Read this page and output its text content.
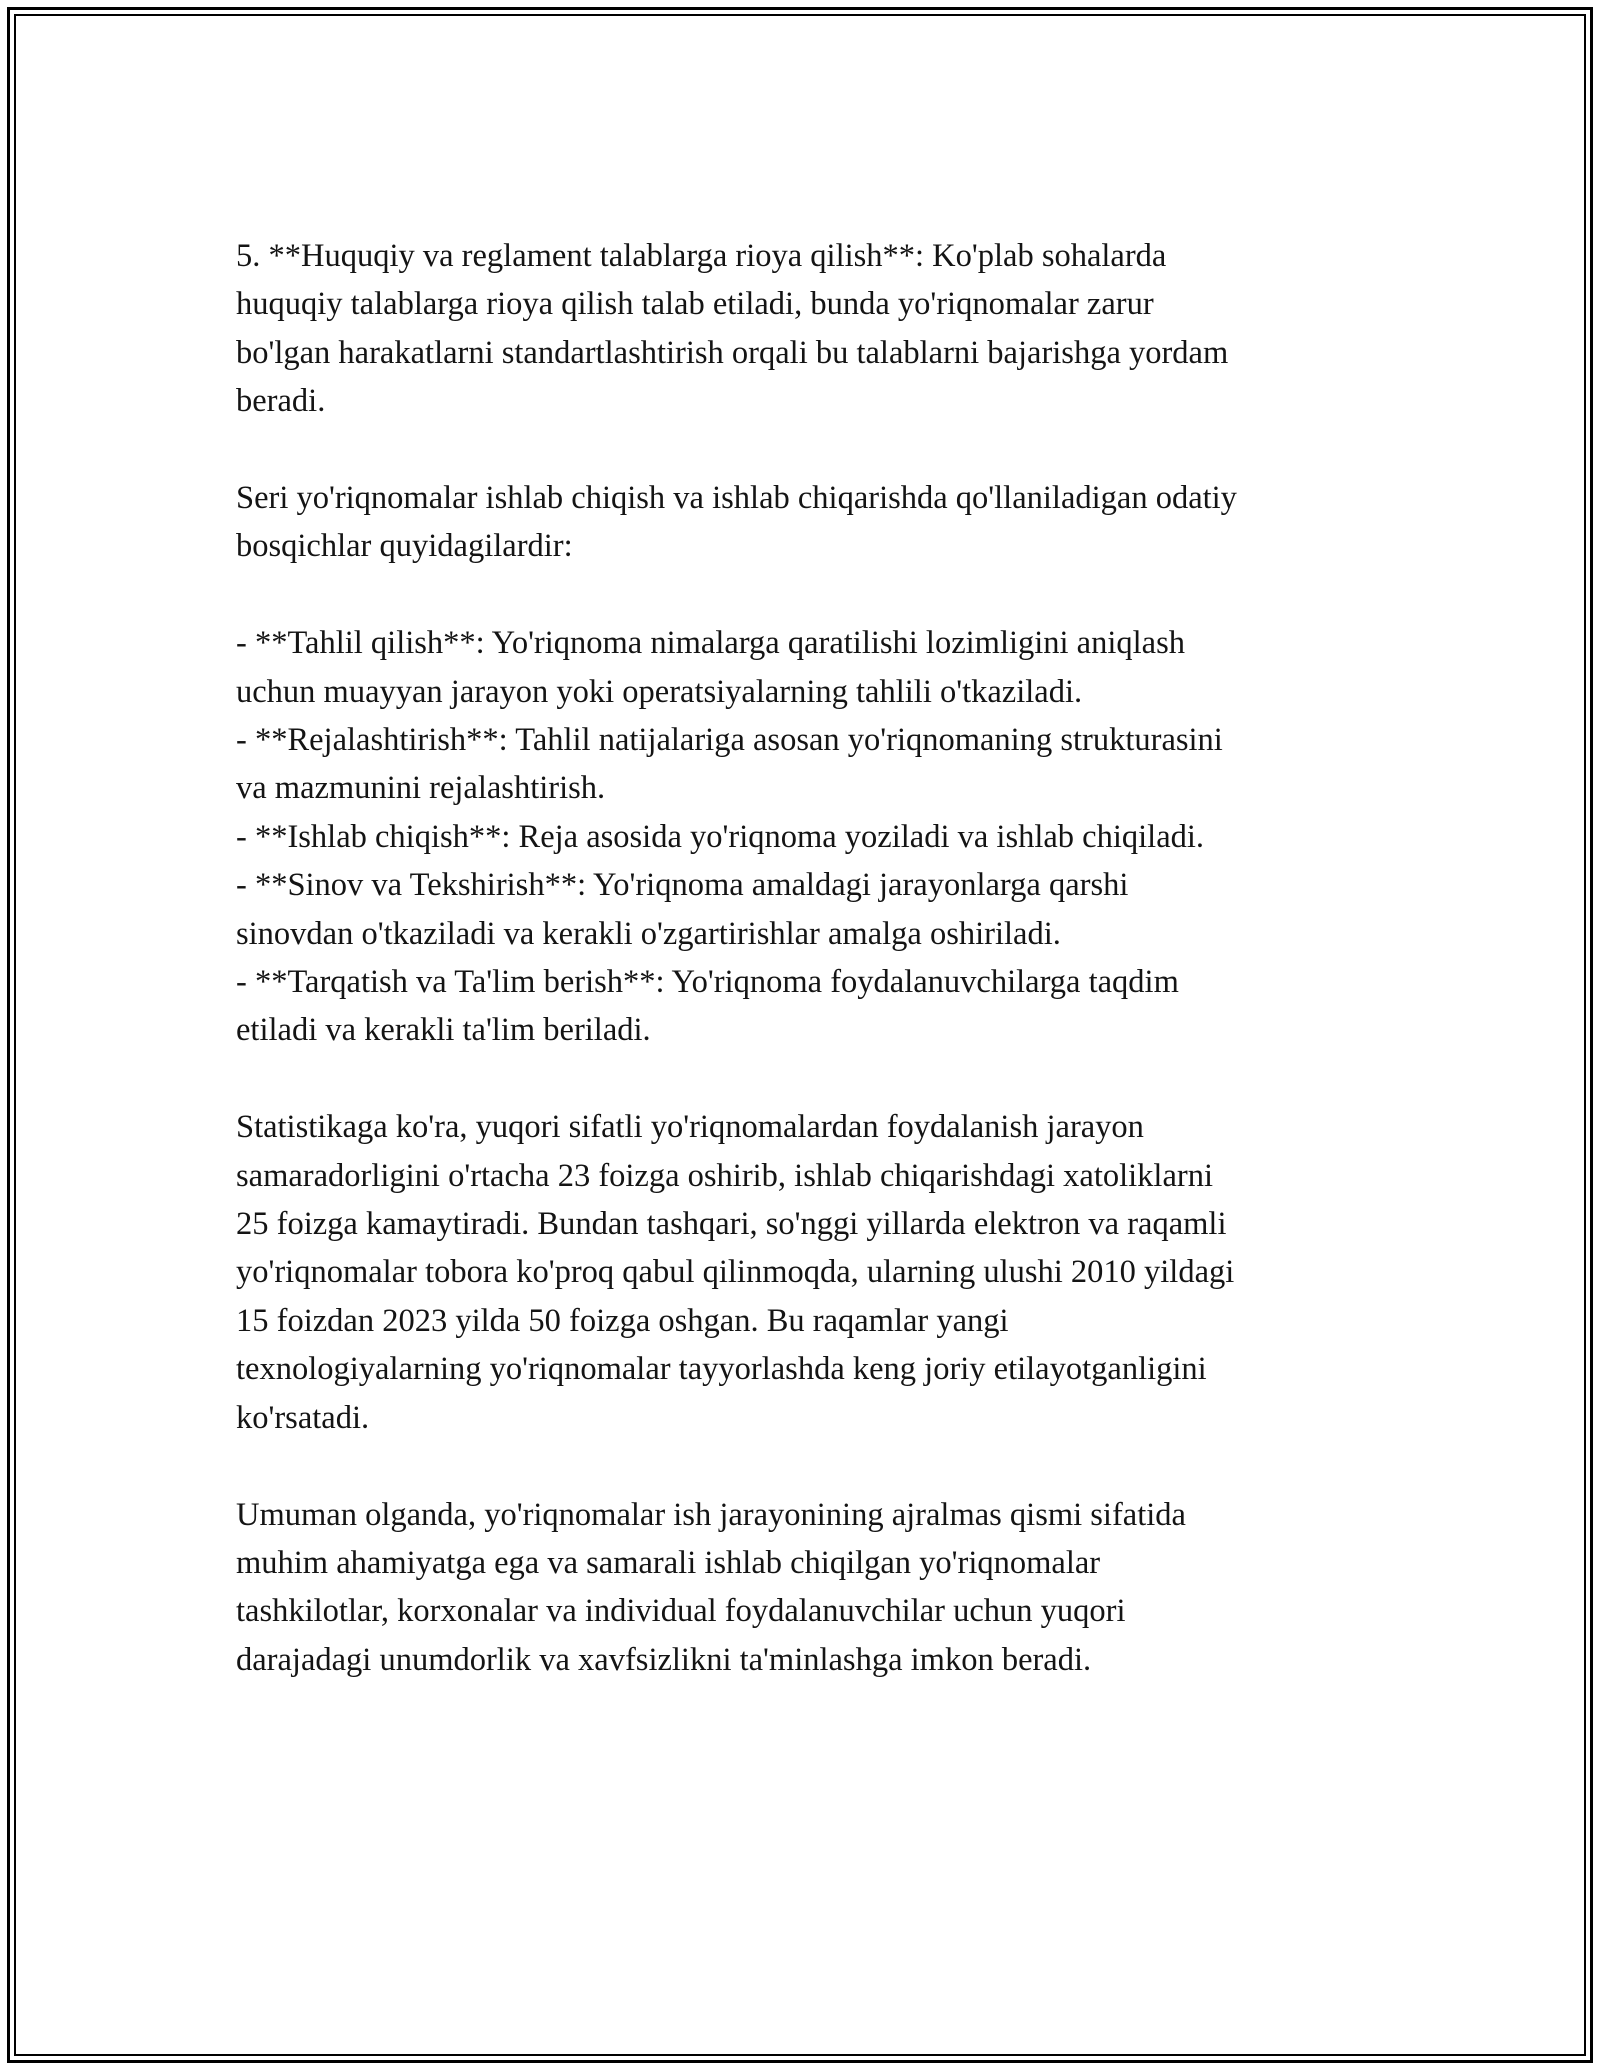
5. **Huquqiy va reglament talablarga rioya qilish**: Ko'plab sohalarda
huquqiy talablarga rioya qilish talab etiladi, bunda yo'riqnomalar zarur
bo'lgan harakatlarni standartlashtirish orqali bu talablarni bajarishga yordam
beradi.

Seri yo'riqnomalar ishlab chiqish va ishlab chiqarishda qo'llaniladigan odatiy
bosqichlar quyidagilardir:

- **Tahlil qilish**: Yo'riqnoma nimalarga qaratilishi lozimligini aniqlash
uchun muayyan jarayon yoki operatsiyalarning tahlili o'tkaziladi.
- **Rejalashtirish**: Tahlil natijalariga asosan yo'riqnomaning strukturasini
va mazmunini rejalashtirish.
- **Ishlab chiqish**: Reja asosida yo'riqnoma yoziladi va ishlab chiqiladi.
- **Sinov va Tekshirish**: Yo'riqnoma amaldagi jarayonlarga qarshi
sinovdan o'tkaziladi va kerakli o'zgartirishlar amalga oshiriladi.
- **Tarqatish va Ta'lim berish**: Yo'riqnoma foydalanuvchilarga taqdim
etiladi va kerakli ta'lim beriladi.

Statistikaga ko'ra, yuqori sifatli yo'riqnomalardan foydalanish jarayon
samaradorligini o'rtacha 23 foizga oshirib, ishlab chiqarishdagi xatoliklarni
25 foizga kamaytiradi. Bundan tashqari, so'nggi yillarda elektron va raqamli
yo'riqnomalar tobora ko'proq qabul qilinmoqda, ularning ulushi 2010 yildagi
15 foizdan 2023 yilda 50 foizga oshgan. Bu raqamlar yangi
texnologiyalarning yo'riqnomalar tayyorlashda keng joriy etilayotganligini
ko'rsatadi.

Umuman olganda, yo'riqnomalar ish jarayonining ajralmas qismi sifatida
muhim ahamiyatga ega va samarali ishlab chiqilgan yo'riqnomalar
tashkilotlar, korxonalar va individual foydalanuvchilar uchun yuqori
darajadagi unumdorlik va xavfsizlikni ta'minlashga imkon beradi.
